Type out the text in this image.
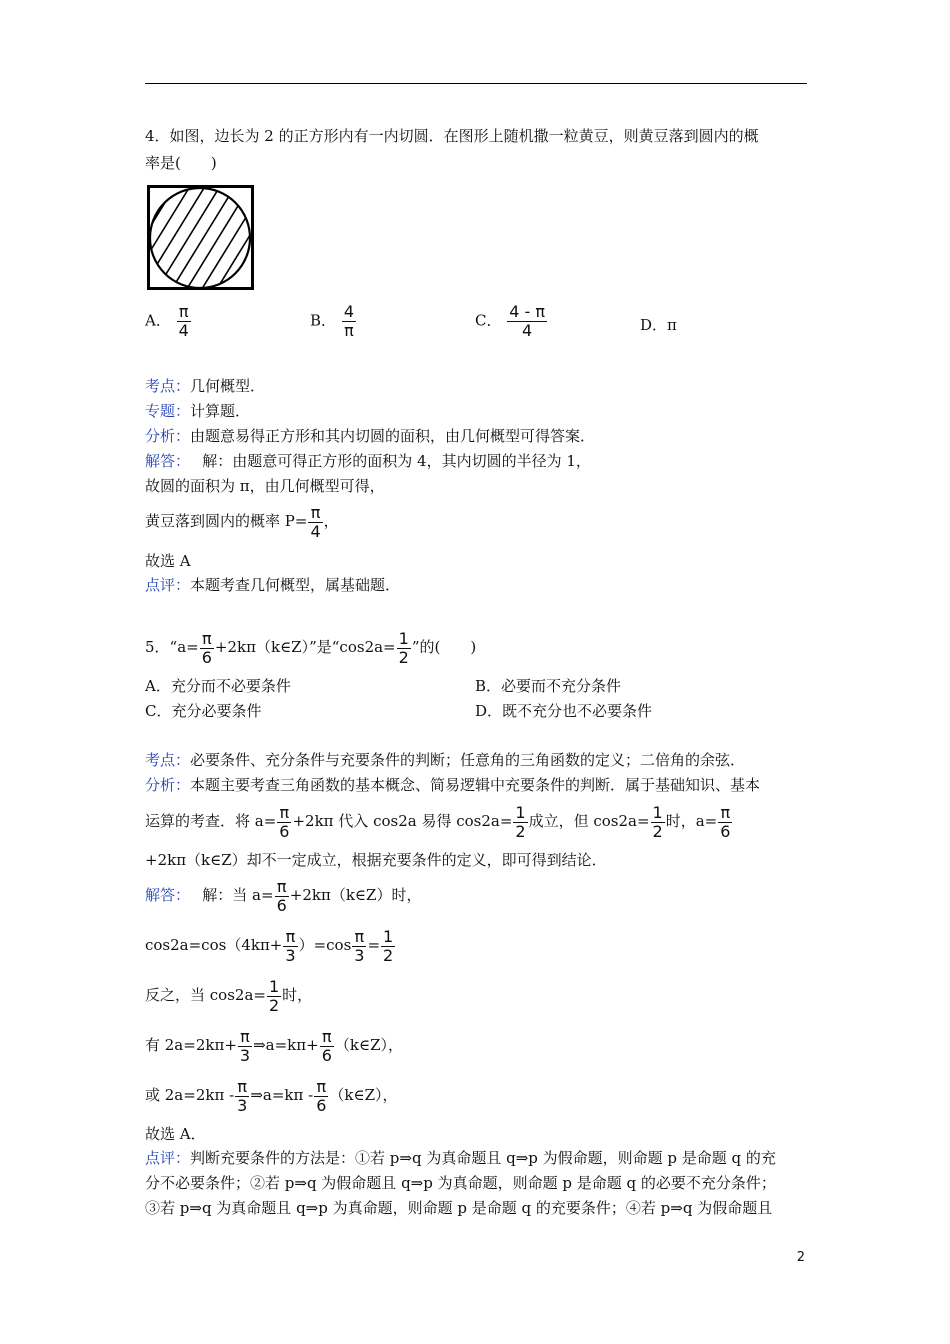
4．如图，边长为 2 的正方形内有一内切圆．在图形上随机撒一粒黄豆，则黄豆落到圆内的概
率是(　　)
A． $\frac{\pi}{4}$	B． $\frac{4}{\pi}$	C． $\frac{4 - \pi}{4}$	D．π
考点：几何概型．
专题：计算题．
分析：由题意易得正方形和其内切圆的面积，由几何概型可得答案．
解答：　 解：由题意可得正方形的面积为 4，其内切圆的半径为 1，
故圆的面积为 π，由几何概型可得，
黄豆落到圆内的概率 $P= \frac{\pi}{4}$ ，
故选 A
点评：本题考查几何概型，属基础题．
5．“$a= \frac{\pi}{6}$ +2kπ（k∈Z）”是“$\cos 2a= \frac{1}{2}$ ”的(　　)
A．充分而不必要条件	B．必要而不充分条件
C．充分必要条件	D．既不充分也不必要条件
考点：必要条件、充分条件与充要条件的判断；任意角的三角函数的定义；二倍角的余弦．
分析：本题主要考查三角函数的基本概念、简易逻辑中充要条件的判断．属于基础知识、基本
运算的考查．将 $a= \frac{\pi}{6} +2k\pi$ 代入 cos2a 易得 $\cos 2a= \frac{1}{2}$ 成立，但 $\cos 2a= \frac{1}{2}$ 时，$a= \frac{\pi}{6}$
+2kπ（k∈Z）却不一定成立，根据充要条件的定义，即可得到结论．
解答：　 解：当 $a= \frac{\pi}{6}$ +2kπ（k∈Z）时，
$\cos 2a=\cos(4k\pi+ \frac{\pi}{3} )=\cos \frac{\pi}{3} = \frac{1}{2}$
反之，当 $\cos 2a= \frac{1}{2}$ 时，
有 $2a=2k\pi+ \frac{\pi}{3}$ ⇒a=kπ+ $\frac{\pi}{6}$ （k∈Z），
或 $2a=2k\pi - \frac{\pi}{3}$ ⇒a=kπ - $\frac{\pi}{6}$ （k∈Z），
故选 A．
点评：判断充要条件的方法是：①若 p⇒q 为真命题且 q⇒p 为假命题，则命题 p 是命题 q 的充
分不必要条件；②若 p⇒q 为假命题且 q⇒p 为真命题，则命题 p 是命题 q 的必要不充分条件；
③若 p⇒q 为真命题且 q⇒p 为真命题，则命题 p 是命题 q 的充要条件；④若 p⇒q 为假命题且
2
